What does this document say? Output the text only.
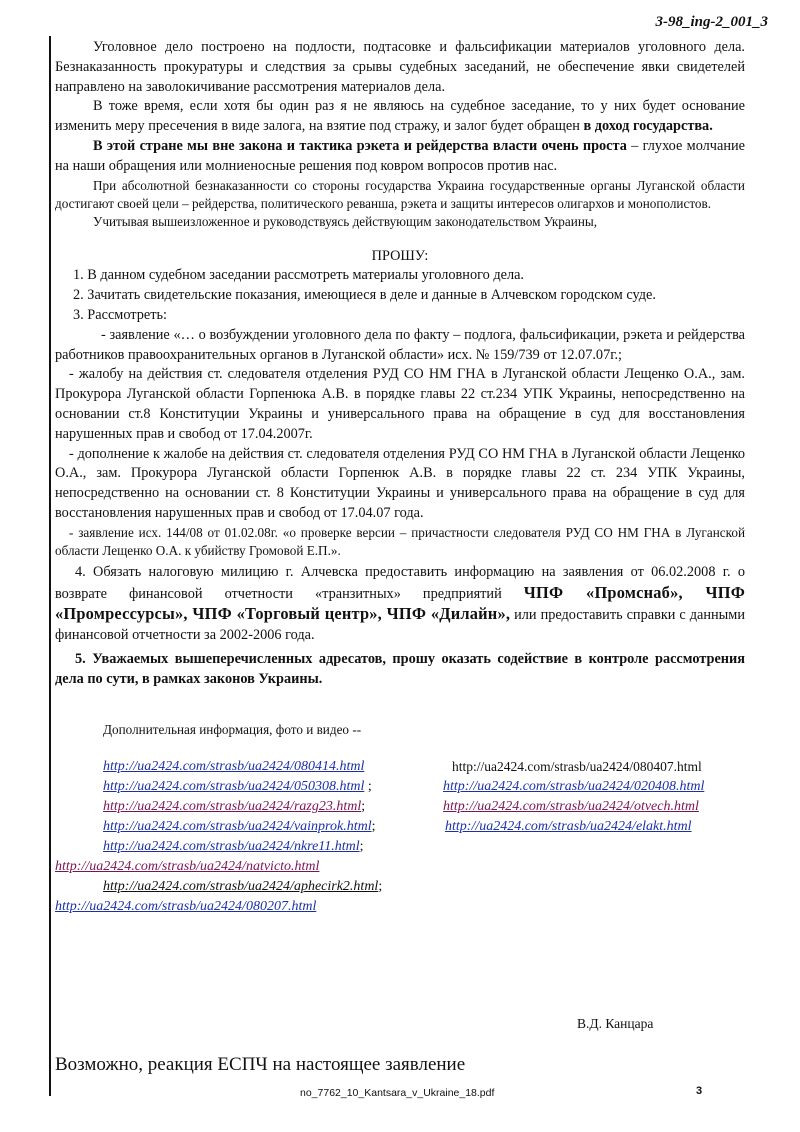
3-98_ing-2_001_3

Уголовное дело построено на подлости, подтасовке и фальсификации материалов уголовного дела. Безнаказанность прокуратуры и следствия за срывы судебных заседаний, не обеспечение явки свидетелей направлено на заволокичивание рассмотрения материалов дела.

В тоже время, если хотя бы один раз я не являюсь на судебное заседание, то у них будет основание изменить меру пресечения в виде залога, на взятие под стражу, и залог будет обращен в доход государства.

В этой стране мы вне закона и тактика рэкета и рейдерства власти очень проста – глухое молчание на наши обращения или молниеносные решения под ковром вопросов против нас.

При абсолютной безнаказанности со стороны государства Украина государственные органы Луганской области достигают своей цели – рейдерства, политического реванша, рэкета и защиты интересов олигархов и монополистов.

Учитывая вышеизложенное и руководствуясь действующим законодательством Украины,

ПРОШУ:

1. В данном судебном заседании рассмотреть материалы уголовного дела.

2. Зачитать свидетельские показания, имеющиеся в деле и данные в Алчевском городском суде.

3. Рассмотреть:

- заявление «… о возбуждении уголовного дела по факту – подлога, фальсификации, рэкета и рейдерства работников правоохранительных органов в Луганской области» исх. № 159/739 от 12.07.07г.;

- жалобу на действия ст. следователя отделения РУД СО НМ ГНА в Луганской области Лещенко О.А., зам. Прокурора Луганской области Горпенюка А.В. в порядке главы 22 ст.234 УПК Украины, непосредственно на основании ст.8 Конституции Украины и универсального права на обращение в суд для восстановления нарушенных прав и свобод от 17.04.2007г.

- дополнение к жалобе на действия ст. следователя отделения РУД СО НМ ГНА в Луганской области Лещенко О.А., зам. Прокурора Луганской области Горпенюк А.В. в порядке главы 22 ст. 234 УПК Украины, непосредственно на основании ст. 8 Конституции Украины и универсального права на обращение в суд для восстановления нарушенных прав и свобод от 17.04.07 года.

- заявление исх. 144/08 от 01.02.08г. «о проверке версии – причастности следователя РУД СО НМ ГНА в Луганской области Лещенко О.А. к убийству Громовой Е.П.».

4. Обязать налоговую милицию г. Алчевска предоставить информацию на заявления от 06.02.2008 г. о возврате финансовой отчетности «транзитных» предприятий ЧПФ «Промснаб», ЧПФ «Промрессурсы», ЧПФ «Торговый центр», ЧПФ «Дилайн», или предоставить справки с данными финансовой отчетности за 2002-2006 года.

5. Уважаемых вышеперечисленных адресатов, прошу оказать содействие в контроле рассмотрения дела по сути, в рамках законов Украины.

Дополнительная информация, фото и видео --

http://ua2424.com/strasb/ua2424/080414.html	http://ua2424.com/strasb/ua2424/080407.html
http://ua2424.com/strasb/ua2424/050308.html ;	http://ua2424.com/strasb/ua2424/020408.html
http://ua2424.com/strasb/ua2424/razg23.html;	http://ua2424.com/strasb/ua2424/otvech.html
http://ua2424.com/strasb/ua2424/vainprok.html;	http://ua2424.com/strasb/ua2424/elakt.html
http://ua2424.com/strasb/ua2424/nkre11.html;
http://ua2424.com/strasb/ua2424/natvicto.html
http://ua2424.com/strasb/ua2424/aphecirk2.html;
http://ua2424.com/strasb/ua2424/080207.html
В.Д. Канцара
Возможно, реакция ЕСПЧ на настоящее заявление
no_7762_10_Kantsara_v_Ukraine_18.pdf	3
